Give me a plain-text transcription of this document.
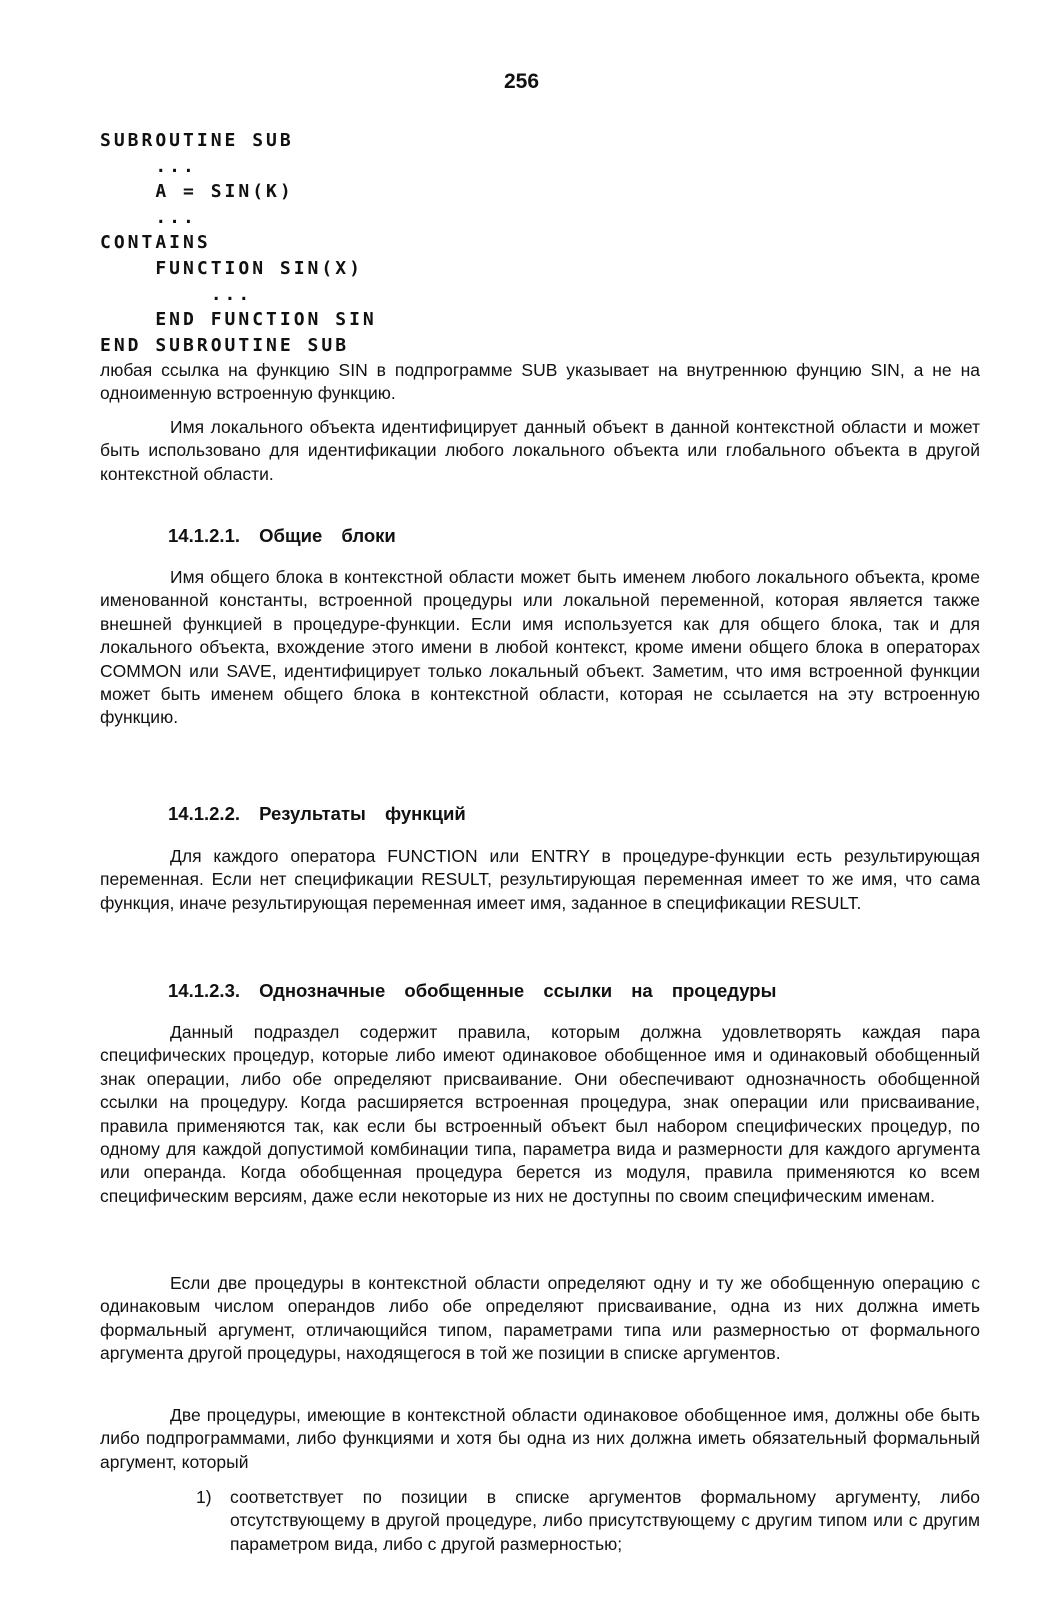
256
SUBROUTINE SUB
...
A = SIN(K)
...
CONTAINS
FUNCTION SIN(X)
...
END FUNCTION SIN
END SUBROUTINE SUB

любая ссылка на функцию SIN в подпрограмме SUB указывает на внутреннюю фунцию SIN, а не на одноименную встроенную функцию.

Имя локального объекта идентифицирует данный объект в данной контекстной области и может быть использовано для идентификации любого локального объекта или глобального объекта в другой контекстной области.

14.1.2.1. Общие блоки

Имя общего блока в контекстной области может быть именем любого локального объекта, кроме именованной константы, встроенной процедуры или локальной переменной, которая является также внешней функцией в процедуре-функции. Если имя используется как для общего блока, так и для локального объекта, вхождение этого имени в любой контекст, кроме имени общего блока в операторах COMMON или SAVE, идентифицирует только локальный объект. Заметим, что имя встроенной функции может быть именем общего блока в контекстной области, которая не ссылается на эту встроенную функцию.

14.1.2.2. Результаты функций

Для каждого оператора FUNCTION или ENTRY в процедуре-функции есть результирующая переменная. Если нет спецификации RESULT, результирующая переменная имеет то же имя, что сама функция, иначе результирующая переменная имеет имя, заданное в спецификации RESULT.

14.1.2.3. Однозначные обобщенные ссылки на процедуры

Данный подраздел содержит правила, которым должна удовлетворять каждая пара специфических процедур, которые либо имеют одинаковое обобщенное имя и одинаковый обобщенный знак операции, либо обе определяют присваивание. Они обеспечивают однозначность обобщенной ссылки на процедуру. Когда расширяется встроенная процедура, знак операции или присваивание, правила применяются так, как если бы встроенный объект был набором специфических процедур, по одному для каждой допустимой комбинации типа, параметра вида и размерности для каждого аргумента или операнда. Когда обобщенная процедура берется из модуля, правила применяются ко всем специфическим версиям, даже если некоторые из них не доступны по своим специфическим именам.

Если две процедуры в контекстной области определяют одну и ту же обобщенную операцию с одинаковым числом операндов либо обе определяют присваивание, одна из них должна иметь формальный аргумент, отличающийся типом, параметрами типа или размерностью от формального аргумента другой процедуры, находящегося в той же позиции в списке аргументов.

Две процедуры, имеющие в контекстной области одинаковое обобщенное имя, должны обе быть либо подпрограммами, либо функциями и хотя бы одна из них должна иметь обязательный формальный аргумент, который

1) соответствует по позиции в списке аргументов формальному аргументу, либо отсутствующему в другой процедуре, либо присутствующему с другим типом или с другим параметром вида, либо с другой размерностью;
